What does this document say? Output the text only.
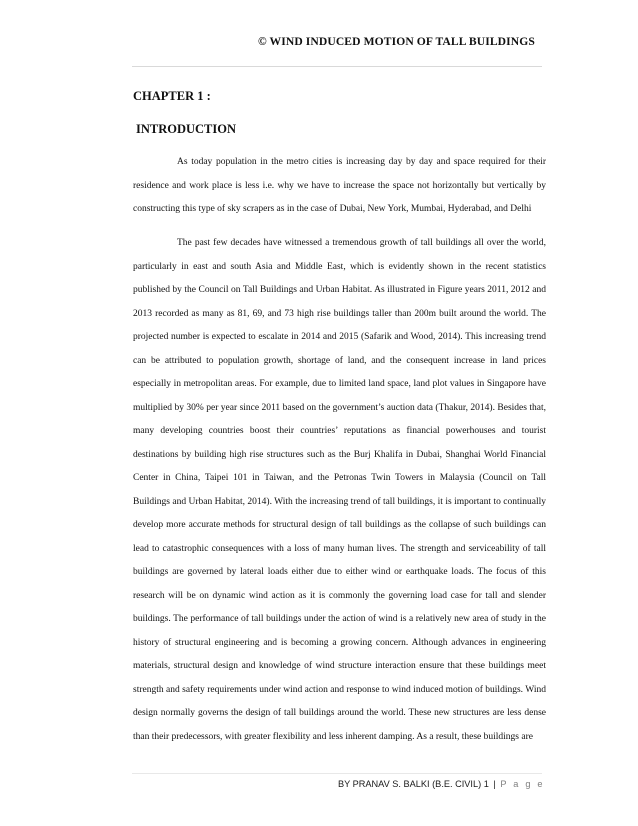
© WIND INDUCED MOTION OF TALL BUILDINGS
CHAPTER 1 :
INTRODUCTION

As today population in the metro cities is increasing day by day and space required for their residence and work place is less i.e. why we have to increase the space not horizontally but vertically by constructing this type of sky scrapers as in the case of Dubai, New York, Mumbai, Hyderabad, and Delhi

The past few decades have witnessed a tremendous growth of tall buildings all over the world, particularly in east and south Asia and Middle East, which is evidently shown in the recent statistics published by the Council on Tall Buildings and Urban Habitat. As illustrated in Figure years 2011, 2012 and 2013 recorded as many as 81, 69, and 73 high rise buildings taller than 200m built around the world. The projected number is expected to escalate in 2014 and 2015 (Safarik and Wood, 2014). This increasing trend can be attributed to population growth, shortage of land, and the consequent increase in land prices especially in metropolitan areas. For example, due to limited land space, land plot values in Singapore have multiplied by 30% per year since 2011 based on the government’s auction data (Thakur, 2014). Besides that, many developing countries boost their countries’ reputations as financial powerhouses and tourist destinations by building high rise structures such as the Burj Khalifa in Dubai, Shanghai World Financial Center in China, Taipei 101 in Taiwan, and the Petronas Twin Towers in Malaysia (Council on Tall Buildings and Urban Habitat, 2014). With the increasing trend of tall buildings, it is important to continually develop more accurate methods for structural design of tall buildings as the collapse of such buildings can lead to catastrophic consequences with a loss of many human lives. The strength and serviceability of tall buildings are governed by lateral loads either due to either wind or earthquake loads. The focus of this research will be on dynamic wind action as it is commonly the governing load case for tall and slender buildings. The performance of tall buildings under the action of wind is a relatively new area of study in the history of structural engineering and is becoming a growing concern. Although advances in engineering materials, structural design and knowledge of wind structure interaction ensure that these buildings meet strength and safety requirements under wind action and response to wind induced motion of buildings. Wind design normally governs the design of tall buildings around the world. These new structures are less dense than their predecessors, with greater flexibility and less inherent damping. As a result, these buildings are

BY PRANAV S. BALKI (B.E. CIVIL) 1 | P a g e
